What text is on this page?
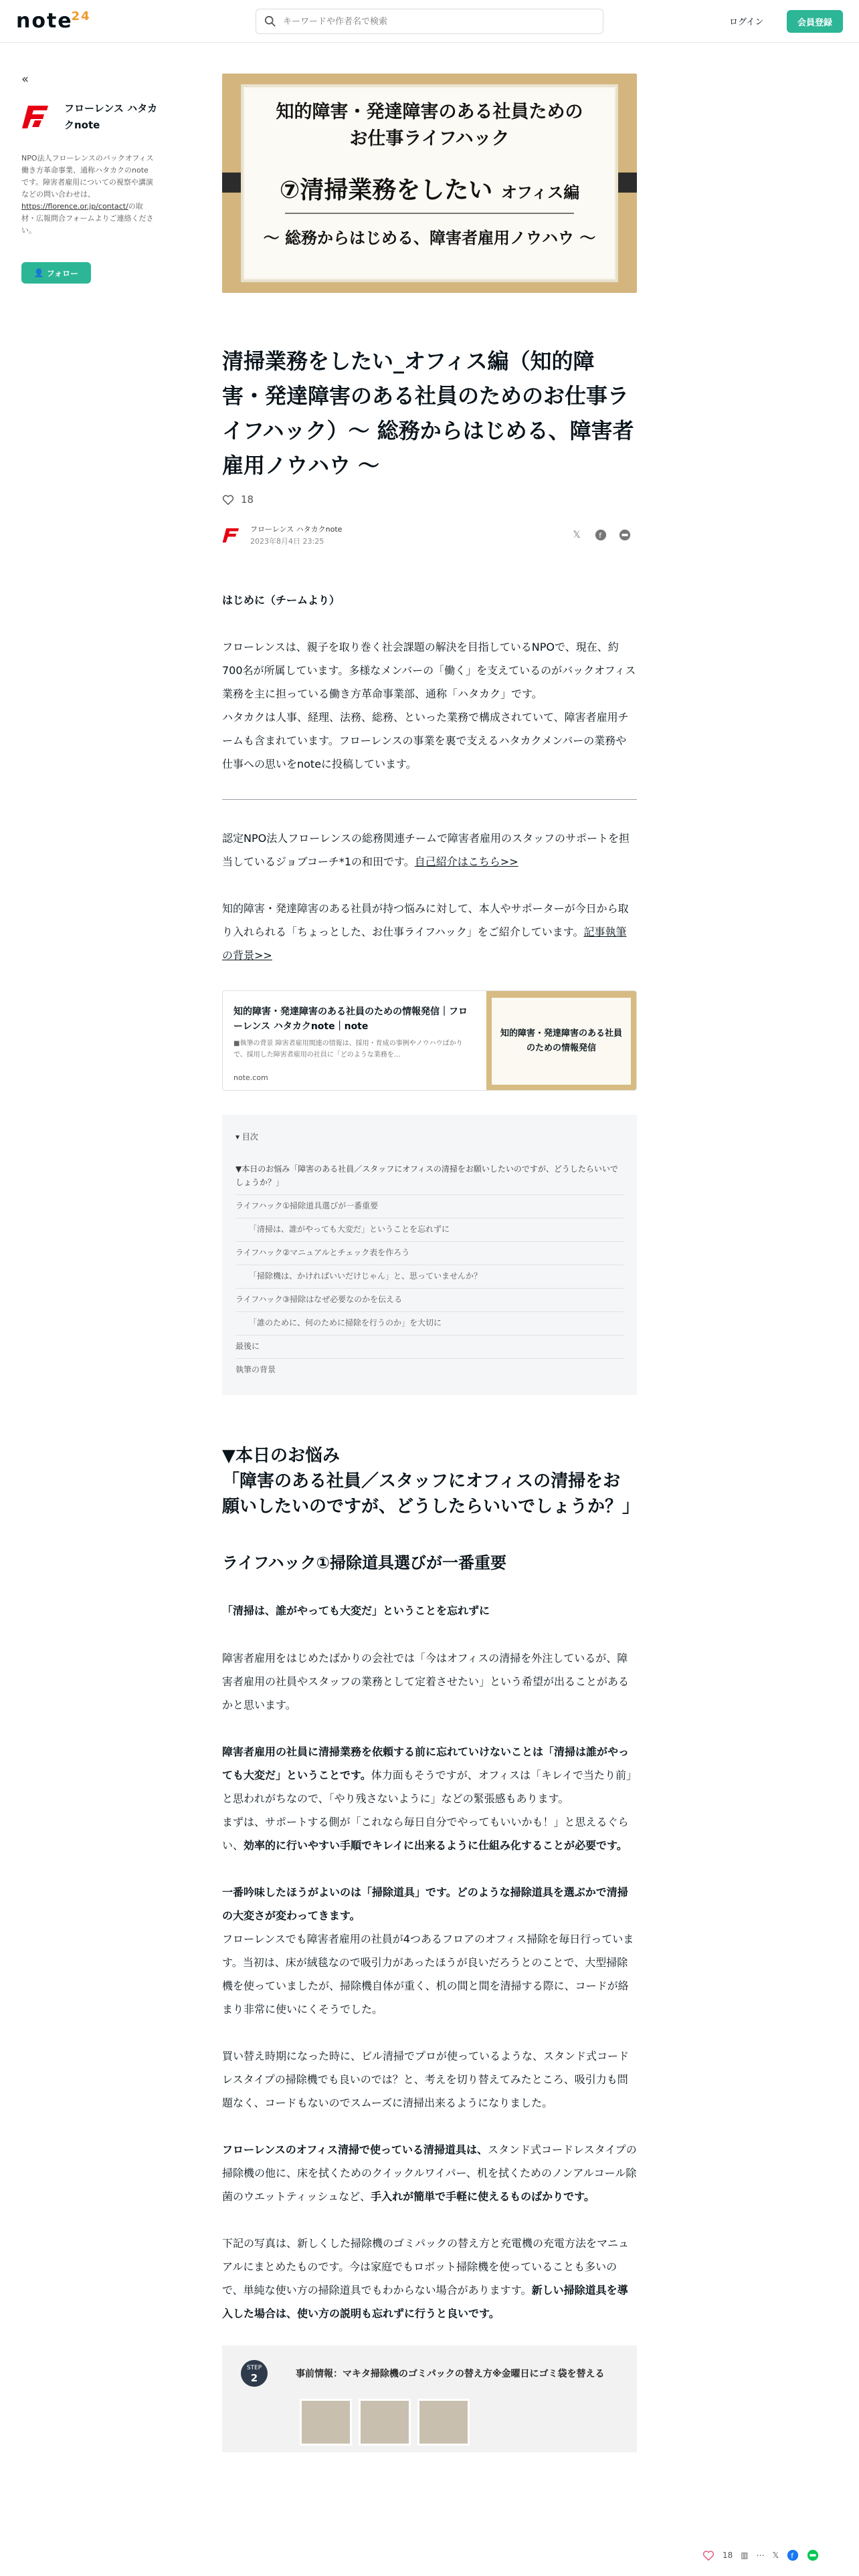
note24
キーワードや作者名で検索	ログイン	会員登録
«
フローレンス ハタカクnote
NPO法人フローレンスのバックオフィス働き方革命事業、通称ハタカクのnoteです。障害者雇用についての視察や講演などの問い合わせは、https://florence.or.jp/contact/の取材・広報問合フォームよりご連絡ください。
👤 フォロー
知的障害・発達障害のある社員ための
お仕事ライフハック
⑦清掃業務をしたい オフィス編
〜 総務からはじめる、障害者雇用ノウハウ 〜
清掃業務をしたい_オフィス編（知的障害・発達障害のある社員のためのお仕事ライフハック）〜 総務からはじめる、障害者雇用ノウハウ 〜
18
フローレンス ハタカクnote
2023年8月4日 23:25
𝕏	f

はじめに（チームより）

フローレンスは、親子を取り巻く社会課題の解決を目指しているNPOで、現在、約700名が所属しています。多様なメンバーの「働く」を支えているのがバックオフィス業務を主に担っている働き方革命事業部、通称「ハタカク」です。

ハタカクは人事、経理、法務、総務、といった業務で構成されていて、障害者雇用チームも含まれています。フローレンスの事業を裏で支えるハタカクメンバーの業務や仕事への思いをnoteに投稿しています。

認定NPO法人フローレンスの総務関連チームで障害者雇用のスタッフのサポートを担当しているジョブコーチ*1の和田です。自己紹介はこちら>>

知的障害・発達障害のある社員が持つ悩みに対して、本人やサポーターが今日から取り入れられる「ちょっとした、お仕事ライフハック」をご紹介しています。記事執筆の背景>>

知的障害・発達障害のある社員のための情報発信｜フローレンス ハタカクnote｜note
■執筆の背景 障害者雇用関連の情報は、採用・育成の事例やノウハウばかりで、採用した障害者雇用の社員に「どのような業務を…
note.com
知的障害・発達障害のある社員のための情報発信
▾ 目次
▼本日のお悩み「障害のある社員／スタッフにオフィスの清掃をお願いしたいのですが、どうしたらいいでしょうか？」
ライフハック①掃除道具選びが一番重要
「清掃は、誰がやっても大変だ」ということを忘れずに
ライフハック②マニュアルとチェック表を作ろう
「掃除機は、かければいいだけじゃん」と、思っていませんか？
ライフハック③掃除はなぜ必要なのかを伝える
「誰のために、何のために掃除を行うのか」を大切に
最後に
執筆の背景
▼本日のお悩み
「障害のある社員／スタッフにオフィスの清掃をお願いしたいのですが、どうしたらいいでしょうか？」
ライフハック①掃除道具選びが一番重要
「清掃は、誰がやっても大変だ」ということを忘れずに

障害者雇用をはじめたばかりの会社では「今はオフィスの清掃を外注しているが、障害者雇用の社員やスタッフの業務として定着させたい」という希望が出ることがあるかと思います。

障害者雇用の社員に清掃業務を依頼する前に忘れていけないことは「清掃は誰がやっても大変だ」ということです。体力面もそうですが、オフィスは「キレイで当たり前」と思われがちなので、「やり残さないように」などの緊張感もあります。

まずは、サポートする側が「これなら毎日自分でやってもいいかも！」と思えるぐらい、効率的に行いやすい手順でキレイに出来るように仕組み化することが必要です。

一番吟味したほうがよいのは「掃除道具」です。どのような掃除道具を選ぶかで清掃の大変さが変わってきます。

フローレンスでも障害者雇用の社員が4つあるフロアのオフィス掃除を毎日行っています。当初は、床が絨毯なので吸引力があったほうが良いだろうとのことで、大型掃除機を使っていましたが、掃除機自体が重く、机の間と間を清掃する際に、コードが絡まり非常に使いにくそうでした。

買い替え時期になった時に、ビル清掃でプロが使っているような、スタンド式コードレスタイプの掃除機でも良いのでは？と、考えを切り替えてみたところ、吸引力も問題なく、コードもないのでスムーズに清掃出来るようになりました。

フローレンスのオフィス清掃で使っている清掃道具は、スタンド式コードレスタイプの掃除機の他に、床を拭くためのクイックルワイパー、机を拭くためのノンアルコール除菌のウエットティッシュなど、手入れが簡単で手軽に使えるものばかりです。

下記の写真は、新しくした掃除機のゴミパックの替え方と充電機の充電方法をマニュアルにまとめたものです。今は家庭でもロボット掃除機を使っていることも多いので、単純な使い方の掃除道具でもわからない場合がありますす。新しい掃除道具を導入した場合は、使い方の説明も忘れずに行うと良いです。

STEP
2	事前情報：マキタ掃除機のゴミパックの替え方※金曜日にゴミ袋を替える
18 ▥ ⋯ 𝕏 f
